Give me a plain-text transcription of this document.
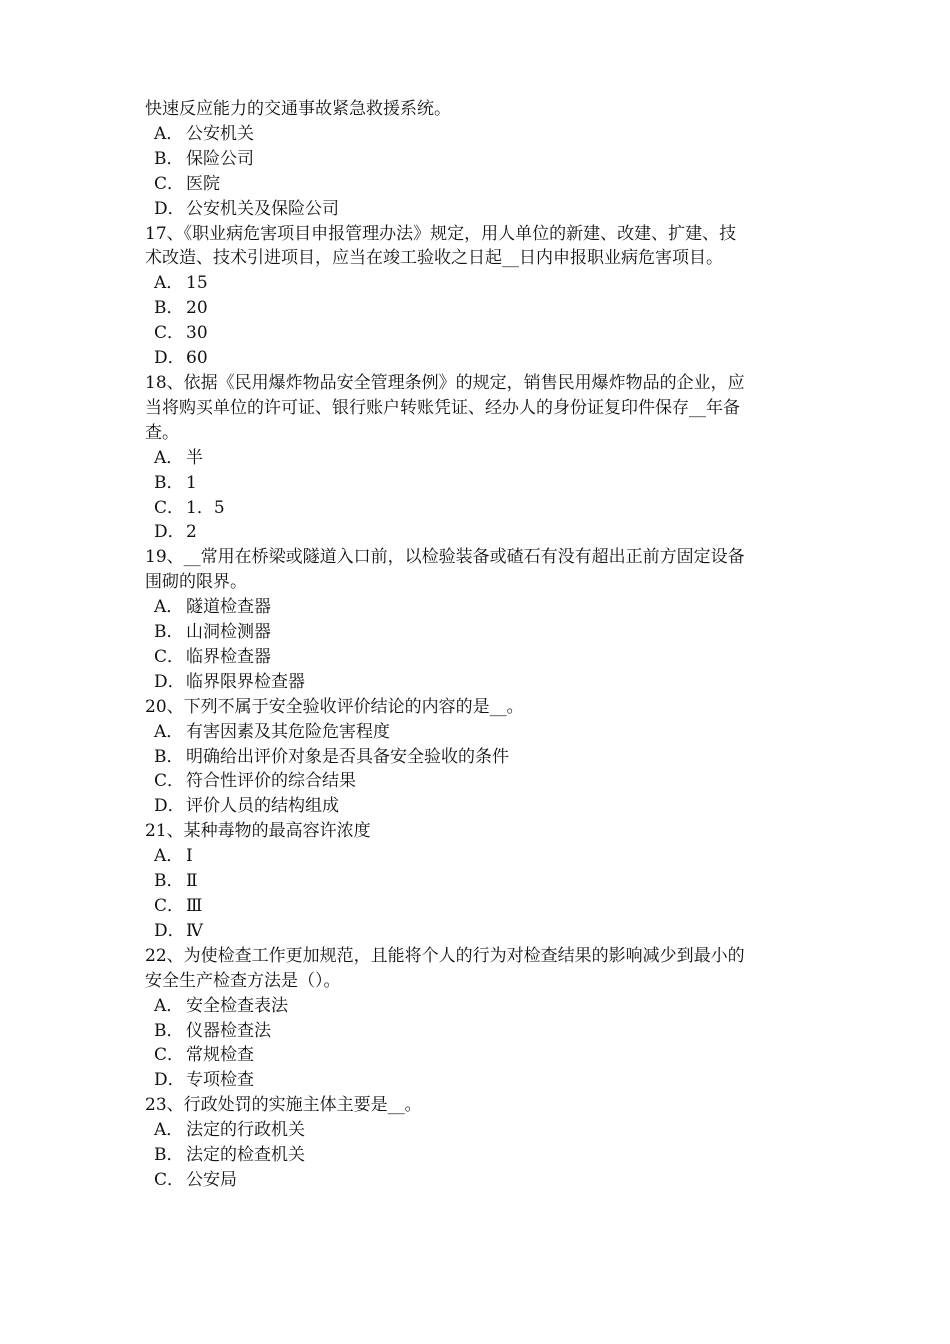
快速反应能力的交通事故紧急救援系统。

A． 公安机关

B． 保险公司

C． 医院

D．公安机关及保险公司

17、《职业病危害项目申报管理办法》规定，用人单位的新建、改建、扩建、技

术改造、技术引进项目，应当在竣工验收之日起__日内申报职业病危害项目。

A． 15

B． 20

C． 30

D．60

18、依据《民用爆炸物品安全管理条例》的规定，销售民用爆炸物品的企业，应

当将购买单位的许可证、银行账户转账凭证、经办人的身份证复印件保存__年备

查。

A． 半

B． 1

C． 1．5

D．2

19、__常用在桥梁或隧道入口前，以检验装备或碴石有没有超出正前方固定设备

围砌的限界。

A． 隧道检查器

B． 山洞检测器

C． 临界检查器

D．临界限界检查器

20、下列不属于安全验收评价结论的内容的是__。

A． 有害因素及其危险危害程度

B． 明确给出评价对象是否具备安全验收的条件

C． 符合性评价的综合结果

D．评价人员的结构组成

21、某种毒物的最高容许浓度

A． Ⅰ

B． Ⅱ

C． Ⅲ

D．Ⅳ

22、为使检查工作更加规范，且能将个人的行为对检查结果的影响减少到最小的

安全生产检查方法是（）。

A． 安全检查表法

B． 仪器检查法

C． 常规检查

D．专项检查

23、行政处罚的实施主体主要是__。

A． 法定的行政机关

B． 法定的检查机关

C． 公安局
